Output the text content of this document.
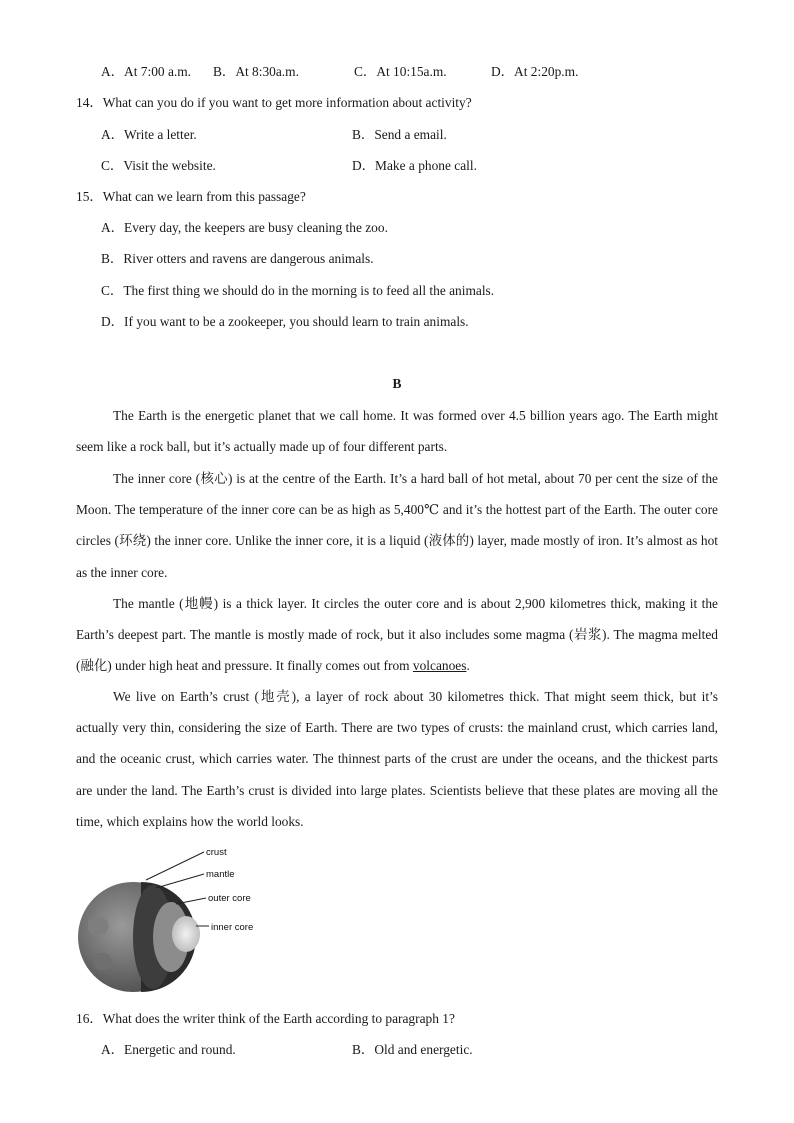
A．At 7:00 a.m. B．At 8:30a.m.	C．At 10:15a.m.	D．At 2:20p.m.
14．What can you do if you want to get more information about activity?
A．Write a letter.	B．Send a email.
C．Visit the website.	D．Make a phone call.
15．What can we learn from this passage?
A．Every day, the keepers are busy cleaning the zoo.
B．River otters and ravens are dangerous animals.
C．The first thing we should do in the morning is to feed all the animals.
D．If you want to be a zookeeper, you should learn to train animals.
B
The Earth is the energetic planet that we call home. It was formed over 4.5 billion years ago. The Earth might seem like a rock ball, but it’s actually made up of four different parts.
The inner core (核心) is at the centre of the Earth. It’s a hard ball of hot metal, about 70 per cent the size of the Moon. The temperature of the inner core can be as high as 5,400℃ and it’s the hottest part of the Earth. The outer core circles (环绕) the inner core. Unlike the inner core, it is a liquid (液体的) layer, made mostly of iron. It’s almost as hot as the inner core.
The mantle (地幔) is a thick layer. It circles the outer core and is about 2,900 kilometres thick, making it the Earth’s deepest part. The mantle is mostly made of rock, but it also includes some magma (岩浆). The magma melted (融化) under high heat and pressure. It finally comes out from volcanoes.
We live on Earth’s crust (地壳), a layer of rock about 30 kilometres thick. That might seem thick, but it’s actually very thin, considering the size of Earth. There are two types of crusts: the mainland crust, which carries land, and the oceanic crust, which carries water. The thinnest parts of the crust are under the oceans, and the thickest parts are under the land. The Earth’s crust is divided into large plates. Scientists believe that these plates are moving all the time, which explains how the world looks.
crust
mantle
outer core
inner core
16．What does the writer think of the Earth according to paragraph 1?
A．Energetic and round.	B．Old and energetic.
